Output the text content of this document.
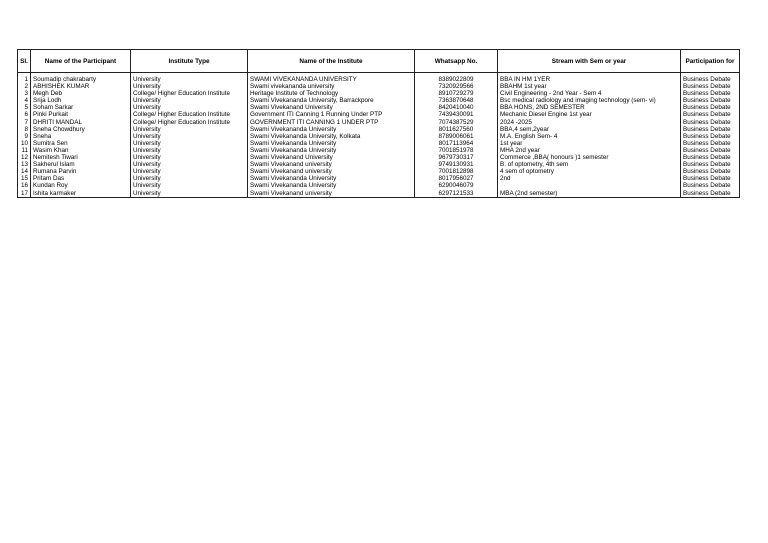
Sl.	Name of the Participant	Institute Type	Name of the Institute	Whatsapp No.	Stream with Sem or year	Participation for

1	Soumadip chakrabarty	University	SWAMI VIVEKANANDA UNIVERSITY	8389022809	BBA IN HM 1YER	Business Debate
2	ABHISHEK KUMAR	University	Swami vivekananda university	7320929566	BBAHM 1st year	Business Debate
3	Megh Deb	College/ Higher Education Institute	Heritage Institute of Technology	8910729279	Civil Engineering - 2nd Year - Sem 4	Business Debate
4	Srija Lodh	University	Swami Vivekananda University, Barrackpore	7363870648	Bsc medical radiology and imaging technology (sem- vi)	Business Debate
5	Soham Sarkar	University	Swami Vivekanand University	8420410040	BBA HONS, 2ND SEMESTER	Business Debate
6	Pinki Purkait	College/ Higher Education Institute	Government ITI Canning 1 Running Under PTP	7439430091	Mechanic Diesel Engine 1st year	Business Debate
7	DHRITI MANDAL	College/ Higher Education Institute	GOVERNMENT ITI CANNING 1 UNDER PTP	7074387529	2024 -2025	Business Debate
8	Sneha Chowdhury	University	Swami Vivekananda University	8011627560	BBA,4 sem,2year	Business Debate
9	Sneha	University	Swami Vivekananda University, Kolkata	8789006061	M.A. English Sem- 4	Business Debate
10	Sumitra Sen	University	Swami Vivekananda University	8017113964	1st year	Business Debate
11	Wasim Khan	University	Swami Vivekananda University	7001851978	MHA 2nd year	Business Debate
12	Nemitesh Tiwari	University	Swami Vivekanand University	9679730317	Commerce ,BBA( honours )1 semester	Business Debate
13	Sakherul Islam	University	Swami Vivekanand university	9749130931	B. of optometry, 4th sem	Business Debate
14	Rumana Parvin	University	Swami Vivekanand university	7001812898	4 sem of optometry	Business Debate
15	Pritam Das	University	Swami Vivekananda University	8017956027	2nd	Business Debate
16	Kundan Roy	University	Swami Vivekananda University	6290046079		Business Debate
17	Ishita karmaker	University	Swami Vivekanand university	6297121533	MBA (2nd semester)	Business Debate
